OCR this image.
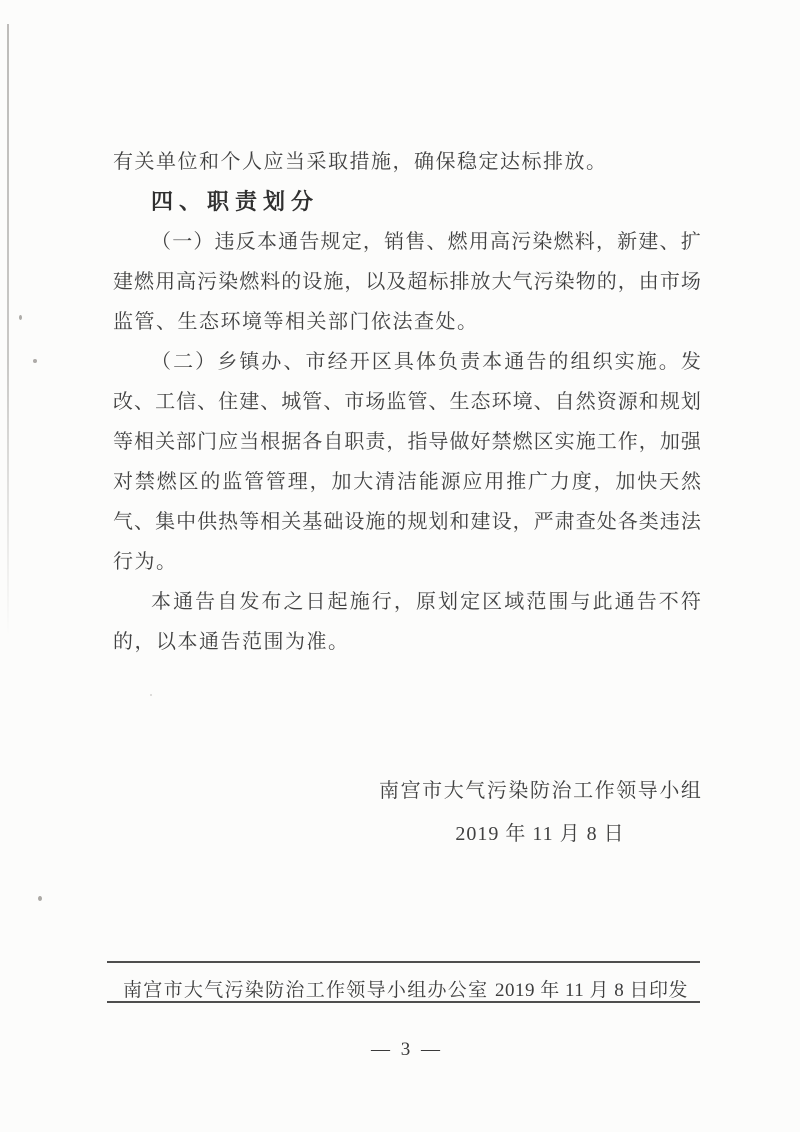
有关单位和个人应当采取措施，确保稳定达标排放。
四、职责划分
（ 一 ） 违 反 本 通 告 规 定 ， 销 售 、 燃 用 高 污 染 燃 料 ， 新 建 、 扩
建 燃 用 高 污 染 燃 料 的 设 施 ， 以 及 超 标 排 放 大 气 污 染 物 的 ， 由 市 场
监管、生态环境等相关部门依法查处。
（ 二 ） 乡 镇 办 、 市 经 开 区 具 体 负 责 本 通 告 的 组 织 实 施 。 发
改 、 工 信 、 住 建 、 城 管 、 市 场 监 管 、 生 态 环 境 、 自 然 资 源 和 规 划
等 相 关 部 门 应 当 根 据 各 自 职 责 ， 指 导 做 好 禁 燃 区 实 施 工 作 ， 加 强
对 禁 燃 区 的 监 管 管 理 ， 加 大 清 洁 能 源 应 用 推 广 力 度 ， 加 快 天 然
气 、 集 中 供 热 等 相 关 基 础 设 施 的 规 划 和 建 设 ， 严 肃 查 处 各 类 违 法
行为。
本 通 告 自 发 布 之 日 起 施 行 ， 原 划 定 区 域 范 围 与 此 通 告 不 符
的，以本通告范围为准。
南 宫 市 大 气 污 染 防 治 工 作 领 导 小 组
2019 年 11 月 8 日
南宫市大气污染防治工作领导小组办公室 2019 年 11 月 8 日印发
— 3 —
